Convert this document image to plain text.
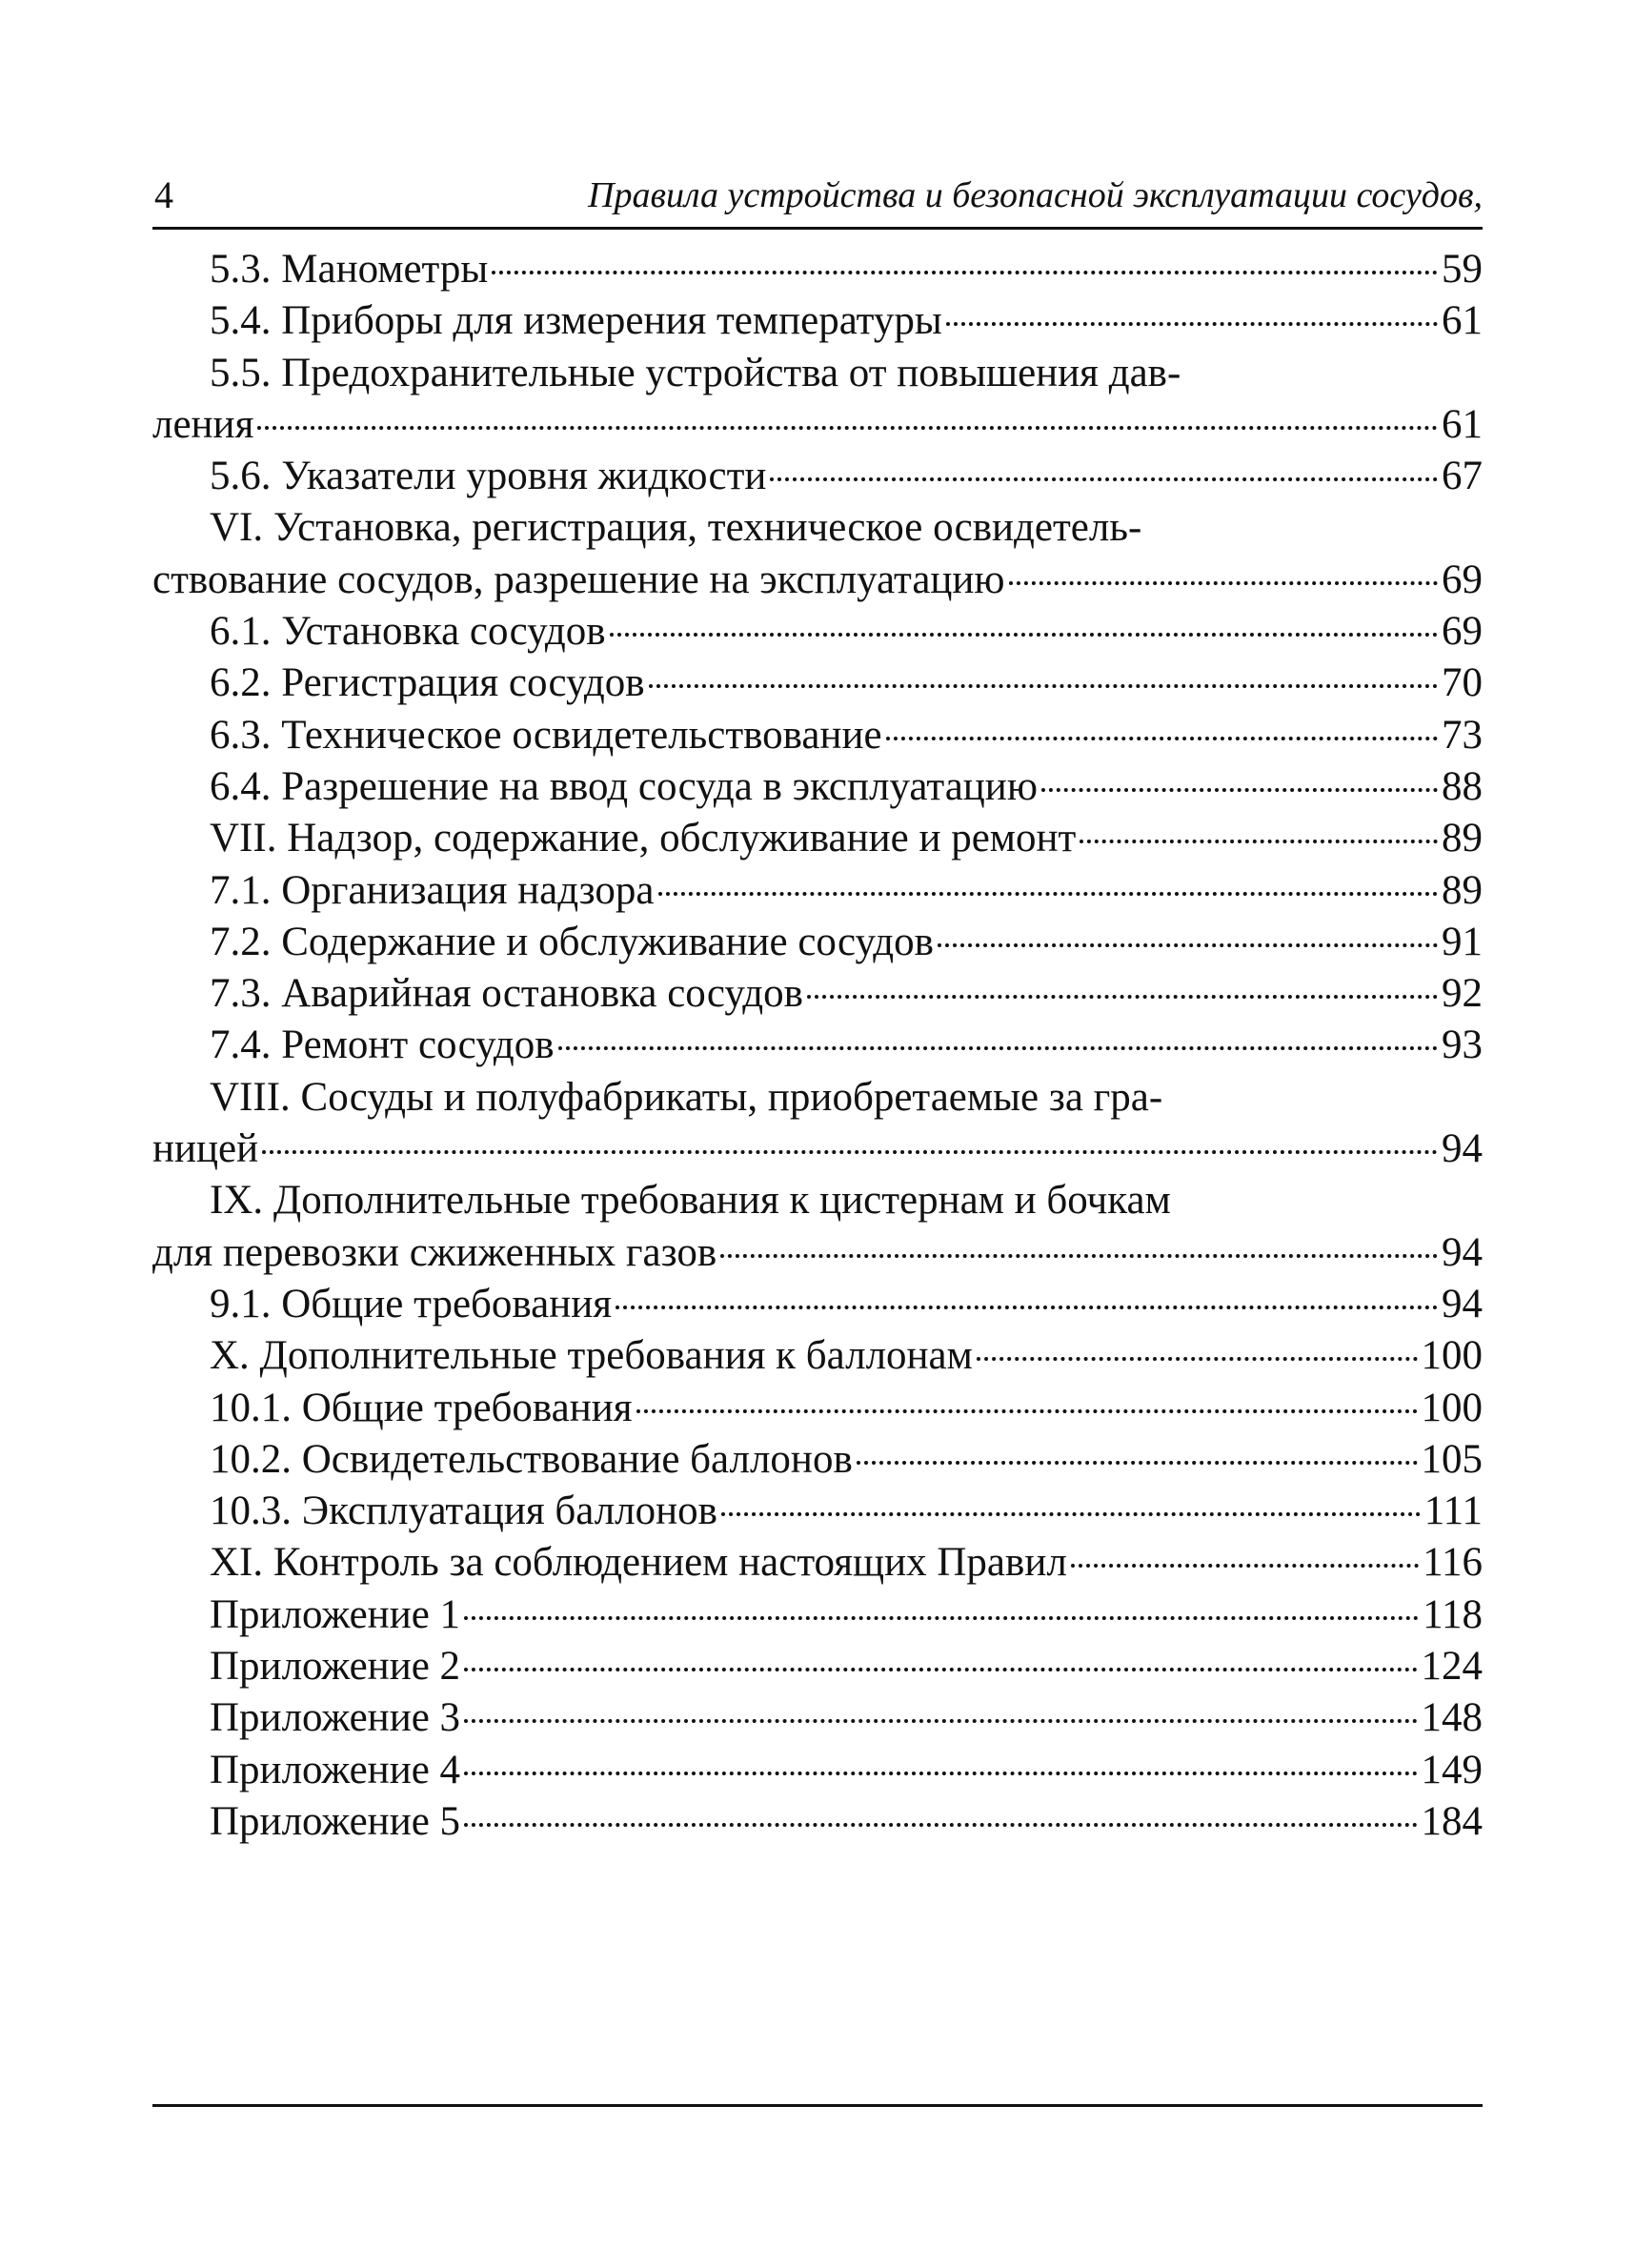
4	Правила устройства и безопасной эксплуатации сосудов,
5.3. Манометры	59
5.4. Приборы для измерения температуры	61
5.5. Предохранительные устройства от повышения дав-
ления	61
5.6. Указатели уровня жидкости	67
VI. Установка, регистрация, техническое освидетель-
ствование сосудов, разрешение на эксплуатацию	69
6.1. Установка сосудов	69
6.2. Регистрация сосудов	70
6.3. Техническое освидетельствование	73
6.4. Разрешение на ввод сосуда в эксплуатацию	88
VII. Надзор, содержание, обслуживание и ремонт	89
7.1. Организация надзора	89
7.2. Содержание и обслуживание сосудов	91
7.3. Аварийная остановка сосудов	92
7.4. Ремонт сосудов	93
VIII. Сосуды и полуфабрикаты, приобретаемые за гра-
ницей	94
IX. Дополнительные требования к цистернам и бочкам
для перевозки сжиженных газов	94
9.1. Общие требования	94
X. Дополнительные требования к баллонам	100
10.1. Общие требования	100
10.2. Освидетельствование баллонов	105
10.3. Эксплуатация баллонов	111
XI. Контроль за соблюдением настоящих Правил	116
Приложение 1	118
Приложение 2	124
Приложение 3	148
Приложение 4	149
Приложение 5	184
